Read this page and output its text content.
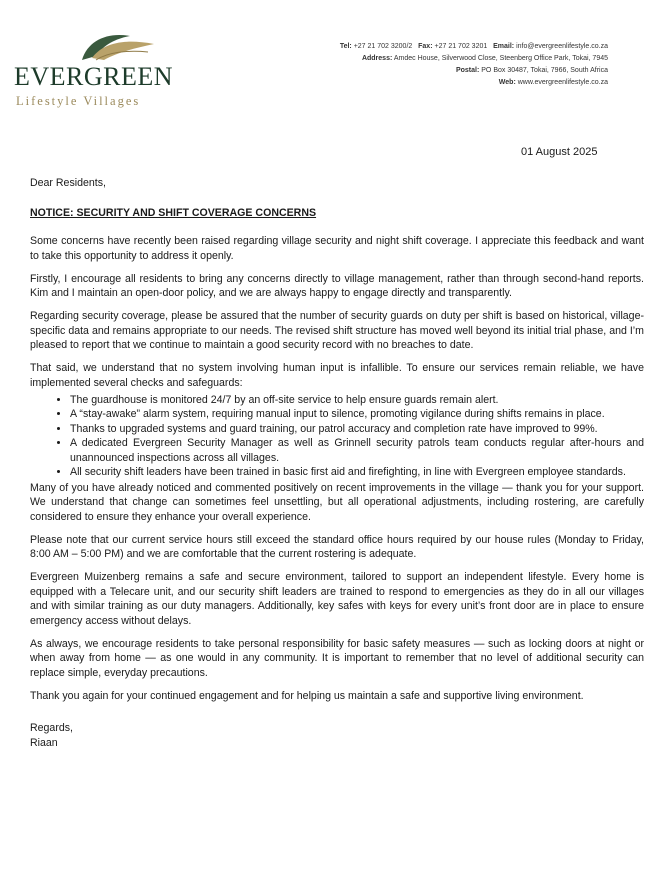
EVERGREEN
Lifestyle Villages
Tel: +27 21 702 3200/2 Fax: +27 21 702 3201 Email: info@evergreenlifestyle.co.za
Address: Amdec House, Silverwood Close, Steenberg Office Park, Tokai, 7945
Postal: PO Box 30487, Tokai, 7966, South Africa
Web: www.evergreenlifestyle.co.za
01 August 2025

Dear Residents,

NOTICE: SECURITY AND SHIFT COVERAGE CONCERNS

Some concerns have recently been raised regarding village security and night shift coverage. I appreciate this feedback and want to take this opportunity to address it openly.

Firstly, I encourage all residents to bring any concerns directly to village management, rather than through second-hand reports. Kim and I maintain an open-door policy, and we are always happy to engage directly and transparently.

Regarding security coverage, please be assured that the number of security guards on duty per shift is based on historical, village-specific data and remains appropriate to our needs. The revised shift structure has moved well beyond its initial trial phase, and I’m pleased to report that we continue to maintain a good security record with no breaches to date.

That said, we understand that no system involving human input is infallible. To ensure our services remain reliable, we have implemented several checks and safeguards:

• The guardhouse is monitored 24/7 by an off-site service to help ensure guards remain alert.
• A “stay-awake” alarm system, requiring manual input to silence, promoting vigilance during shifts remains in place.
• Thanks to upgraded systems and guard training, our patrol accuracy and completion rate have improved to 99%.
• A dedicated Evergreen Security Manager as well as Grinnell security patrols team conducts regular after-hours and unannounced inspections across all villages.
• All security shift leaders have been trained in basic first aid and firefighting, in line with Evergreen employee standards.

Many of you have already noticed and commented positively on recent improvements in the village — thank you for your support. We understand that change can sometimes feel unsettling, but all operational adjustments, including rostering, are carefully considered to ensure they enhance your overall experience.

Please note that our current service hours still exceed the standard office hours required by our house rules (Monday to Friday, 8:00 AM – 5:00 PM) and we are comfortable that the current rostering is adequate.

Evergreen Muizenberg remains a safe and secure environment, tailored to support an independent lifestyle. Every home is equipped with a Telecare unit, and our security shift leaders are trained to respond to emergencies as they do in all our villages and with similar training as our duty managers. Additionally, key safes with keys for every unit’s front door are in place to ensure emergency access without delays.

As always, we encourage residents to take personal responsibility for basic safety measures — such as locking doors at night or when away from home — as one would in any community. It is important to remember that no level of additional security can replace simple, everyday precautions.

Thank you again for your continued engagement and for helping us maintain a safe and supportive living environment.

Regards,

Riaan
